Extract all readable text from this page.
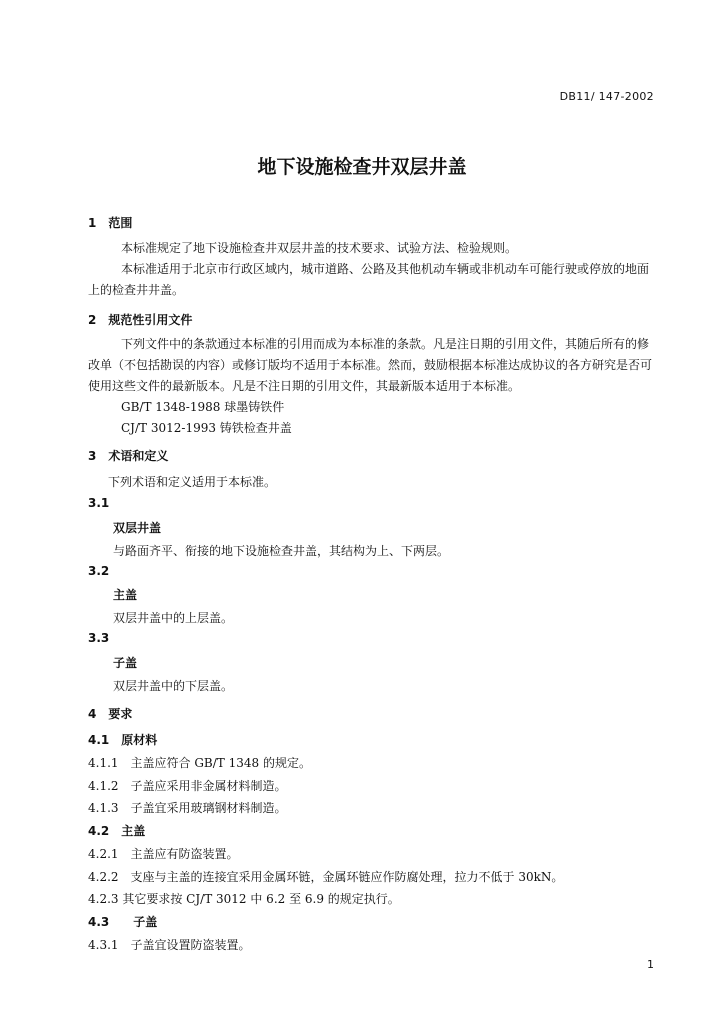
DB11/ 147-2002
地下设施检查井双层井盖
1　范围
本标准规定了地下设施检查井双层井盖的技术要求、试验方法、检验规则。
本标准适用于北京市行政区域内，城市道路、公路及其他机动车辆或非机动车可能行驶或停放的地面上的检查井井盖。
2　规范性引用文件
下列文件中的条款通过本标准的引用而成为本标准的条款。凡是注日期的引用文件，其随后所有的修改单（不包括勘误的内容）或修订版均不适用于本标准。然而，鼓励根据本标准达成协议的各方研究是否可使用这些文件的最新版本。凡是不注日期的引用文件，其最新版本适用于本标准。
GB/T 1348-1988 球墨铸铁件
CJ/T 3012-1993 铸铁检查井盖
3　术语和定义
下列术语和定义适用于本标准。
3.1
双层井盖
与路面齐平、衔接的地下设施检查井盖，其结构为上、下两层。
3.2
主盖
双层井盖中的上层盖。
3.3
子盖
双层井盖中的下层盖。
4　要求
4.1　原材料
4.1.1　主盖应符合 GB/T 1348 的规定。
4.1.2　子盖应采用非金属材料制造。
4.1.3　子盖宜采用玻璃钢材料制造。
4.2　主盖
4.2.1　主盖应有防盗装置。
4.2.2　支座与主盖的连接宜采用金属环链，金属环链应作防腐处理，拉力不低于 30kN。
4.2.3 其它要求按 CJ/T 3012 中 6.2 至 6.9 的规定执行。
4.3　　子盖
4.3.1　子盖宜设置防盗装置。
1
